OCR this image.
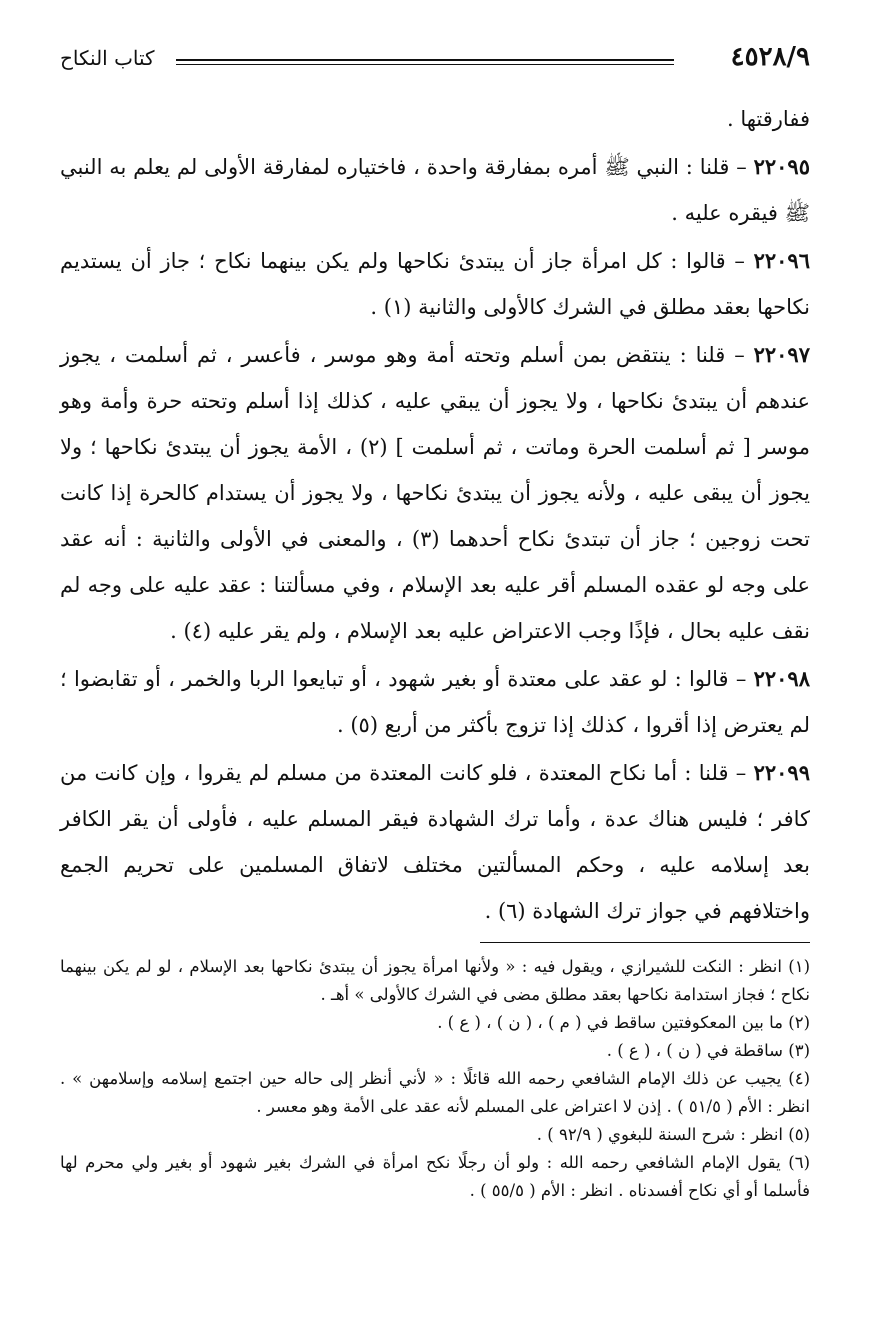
٤٥٢٨/٩
كتاب النكاح

ففارقتها .

٢٢٠٩٥ – قلنا : النبي ﷺ أمره بمفارقة واحدة ، فاختياره لمفارقة الأولى لم يعلم به النبي ﷺ فيقره عليه .

٢٢٠٩٦ – قالوا : كل امرأة جاز أن يبتدئ نكاحها ولم يكن بينهما نكاح ؛ جاز أن يستديم نكاحها بعقد مطلق في الشرك كالأولى والثانية (١) .

٢٢٠٩٧ – قلنا : ينتقض بمن أسلم وتحته أمة وهو موسر ، فأعسر ، ثم أسلمت ، يجوز عندهم أن يبتدئ نكاحها ، ولا يجوز أن يبقي عليه ، كذلك إذا أسلم وتحته حرة وأمة وهو موسر [ ثم أسلمت الحرة وماتت ، ثم أسلمت ] (٢) ، الأمة يجوز أن يبتدئ نكاحها ؛ ولا يجوز أن يبقى عليه ، ولأنه يجوز أن يبتدئ نكاحها ، ولا يجوز أن يستدام كالحرة إذا كانت تحت زوجين ؛ جاز أن تبتدئ نكاح أحدهما (٣) ، والمعنى في الأولى والثانية : أنه عقد على وجه لو عقده المسلم أقر عليه بعد الإسلام ، وفي مسألتنا : عقد عليه على وجه لم نقف عليه بحال ، فإذًا وجب الاعتراض عليه بعد الإسلام ، ولم يقر عليه (٤) .

٢٢٠٩٨ – قالوا : لو عقد على معتدة أو بغير شهود ، أو تبايعوا الربا والخمر ، أو تقابضوا ؛ لم يعترض إذا أقروا ، كذلك إذا تزوج بأكثر من أربع (٥) .

٢٢٠٩٩ – قلنا : أما نكاح المعتدة ، فلو كانت المعتدة من مسلم لم يقروا ، وإن كانت من كافر ؛ فليس هناك عدة ، وأما ترك الشهادة فيقر المسلم عليه ، فأولى أن يقر الكافر بعد إسلامه عليه ، وحكم المسألتين مختلف لاتفاق المسلمين على تحريم الجمع واختلافهم في جواز ترك الشهادة (٦) .

(١) انظر : النكت للشيرازي ، ويقول فيه : « ولأنها امرأة يجوز أن يبتدئ نكاحها بعد الإسلام ، لو لم يكن بينهما نكاح ؛ فجاز استدامة نكاحها بعقد مطلق مضى في الشرك كالأولى » أهـ .

(٢) ما بين المعكوفتين ساقط في ( م ) ، ( ن ) ، ( ع ) .

(٣) ساقطة في ( ن ) ، ( ع ) .

(٤) يجيب عن ذلك الإمام الشافعي رحمه الله قائلًا : « لأني أنظر إلى حاله حين اجتمع إسلامه وإسلامهن » . انظر : الأم ( ٥١/٥ ) . إذن لا اعتراض على المسلم لأنه عقد على الأمة وهو معسر .

(٥) انظر : شرح السنة للبغوي ( ٩٢/٩ ) .

(٦) يقول الإمام الشافعي رحمه الله : ولو أن رجلًا نكح امرأة في الشرك بغير شهود أو بغير ولي محرم لها فأسلما أو أي نكاح أفسدناه . انظر : الأم ( ٥٥/٥ ) .
